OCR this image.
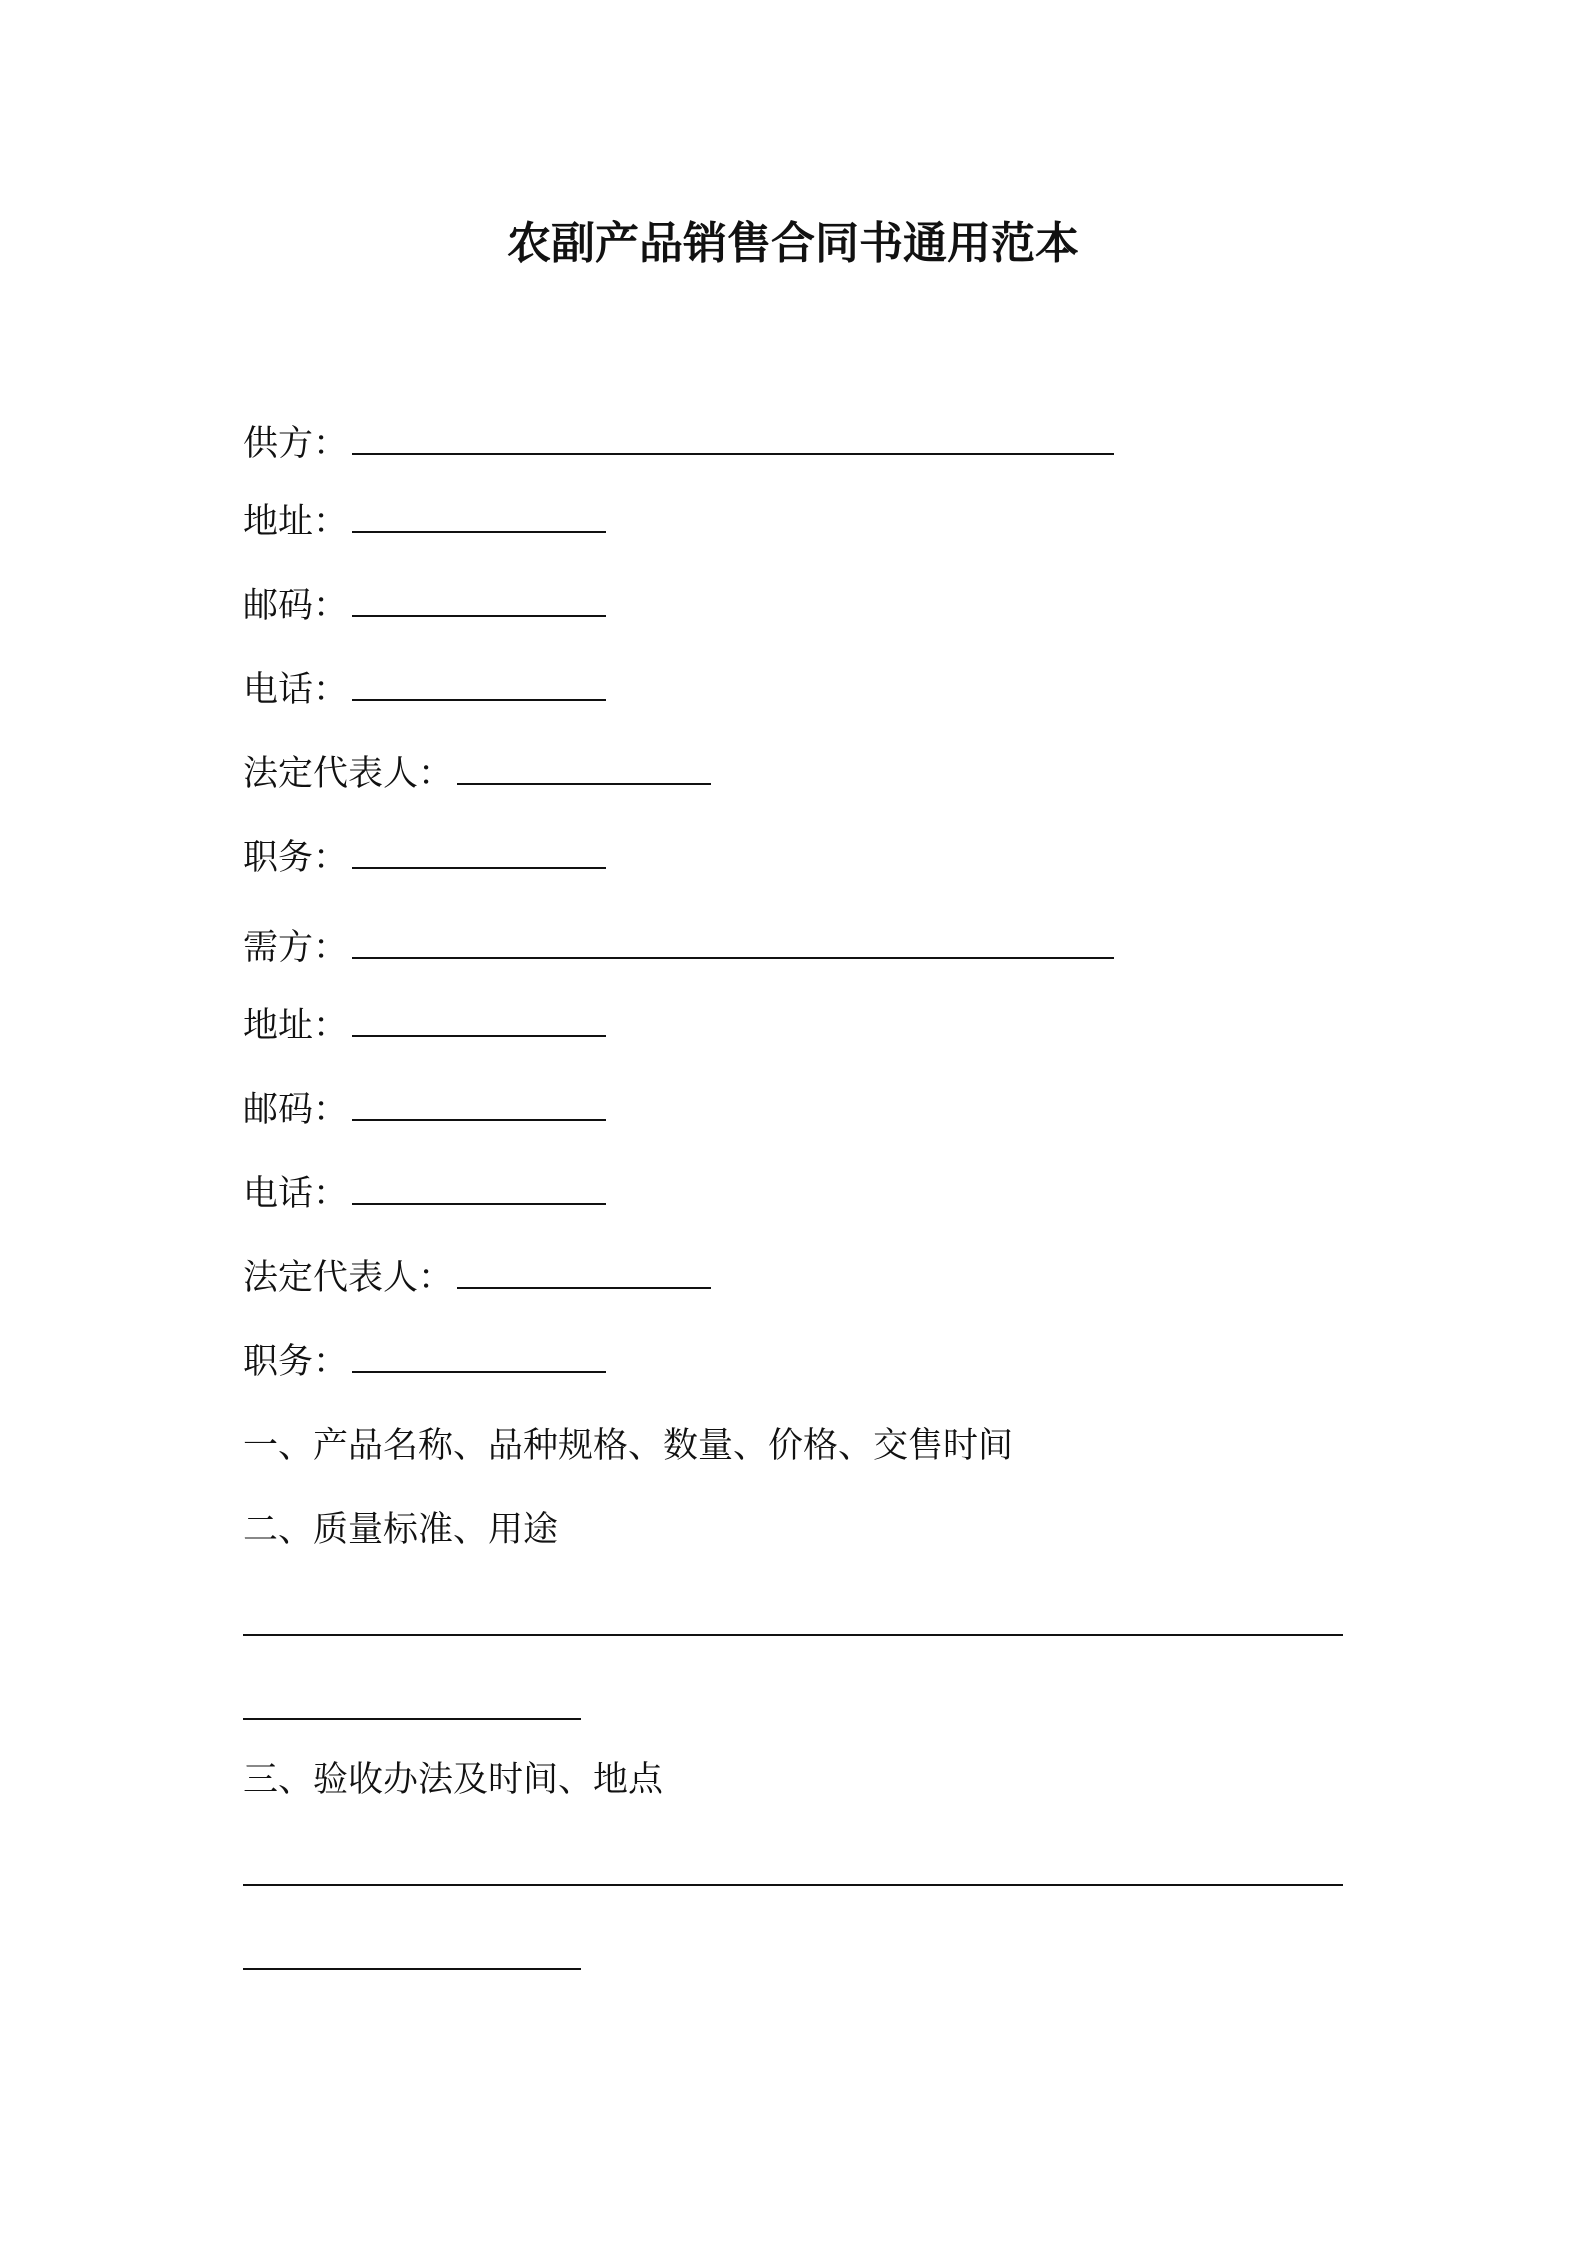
农副产品销售合同书通用范本
供方：
地址：
邮码：
电话：
法定代表人：
职务：
需方：
地址：
邮码：
电话：
法定代表人：
职务：
一、产品名称、品种规格、数量、价格、交售时间
二、质量标准、用途
三、验收办法及时间、地点
